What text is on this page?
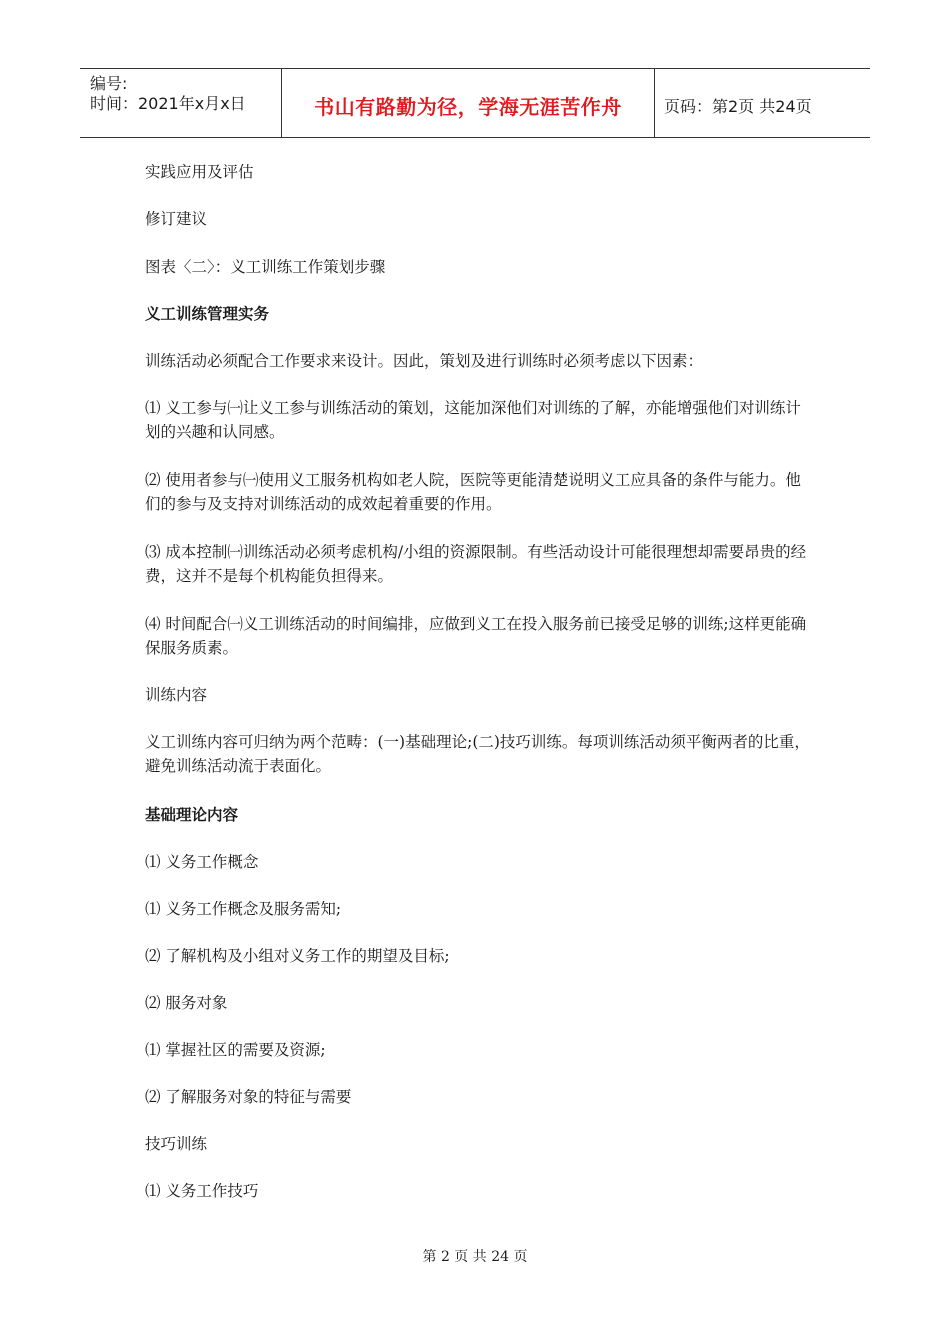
编号:
时间：2021年x月x日	书山有路勤为径，学海无涯苦作舟	页码：第2页 共24页
实践应用及评估
修订建议
图表〈二〉：义工训练工作策划步骤
义工训练管理实务
训练活动必须配合工作要求来设计。因此，策划及进行训练时必须考虑以下因素：
⑴ 义工参与㈠让义工参与训练活动的策划，这能加深他们对训练的了解，亦能增强他们对训练计划的兴趣和认同感。
⑵ 使用者参与㈠使用义工服务机构如老人院，医院等更能清楚说明义工应具备的条件与能力。他们的参与及支持对训练活动的成效起着重要的作用。
⑶ 成本控制㈠训练活动必须考虑机构/小组的资源限制。有些活动设计可能很理想却需要昂贵的经费，这并不是每个机构能负担得来。
⑷ 时间配合㈠义工训练活动的时间编排，应做到义工在投入服务前已接受足够的训练;这样更能确保服务质素。
训练内容
义工训练内容可归纳为两个范畴：(一)基础理论;(二)技巧训练。每项训练活动须平衡两者的比重，避免训练活动流于表面化。
基础理论内容
⑴ 义务工作概念
⑴ 义务工作概念及服务需知;
⑵ 了解机构及小组对义务工作的期望及目标;
⑵ 服务对象
⑴ 掌握社区的需要及资源;
⑵ 了解服务对象的特征与需要
技巧训练
⑴ 义务工作技巧
第 2 页 共 24 页
